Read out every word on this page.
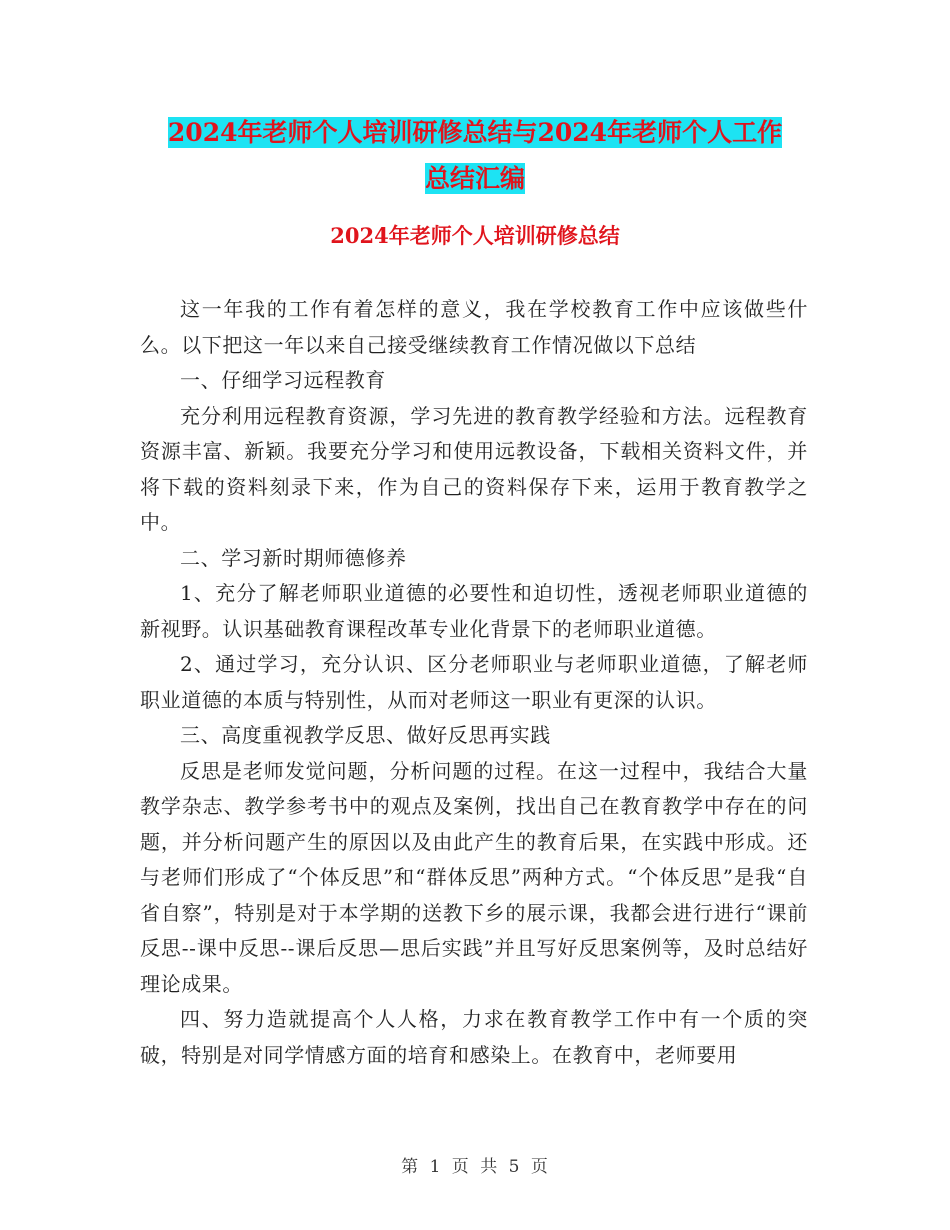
2024年老师个人培训研修总结与2024年老师个人工作
总结汇编
2024年老师个人培训研修总结

这一年我的工作有着怎样的意义，我在学校教育工作中应该做些什么。以下把这一年以来自己接受继续教育工作情况做以下总结

一、仔细学习远程教育

充分利用远程教育资源，学习先进的教育教学经验和方法。远程教育资源丰富、新颖。我要充分学习和使用远教设备，下载相关资料文件，并将下载的资料刻录下来，作为自己的资料保存下来，运用于教育教学之中。

二、学习新时期师德修养

1、充分了解老师职业道德的必要性和迫切性，透视老师职业道德的新视野。认识基础教育课程改革专业化背景下的老师职业道德。

2、通过学习，充分认识、区分老师职业与老师职业道德，了解老师职业道德的本质与特别性，从而对老师这一职业有更深的认识。

三、高度重视教学反思、做好反思再实践

反思是老师发觉问题，分析问题的过程。在这一过程中，我结合大量教学杂志、教学参考书中的观点及案例，找出自己在教育教学中存在的问题，并分析问题产生的原因以及由此产生的教育后果，在实践中形成。还与老师们形成了“个体反思”和“群体反思”两种方式。“个体反思”是我“自省自察”，特别是对于本学期的送教下乡的展示课，我都会进行进行“课前反思--课中反思--课后反思—思后实践”并且写好反思案例等，及时总结好理论成果。

四、努力造就提高个人人格，力求在教育教学工作中有一个质的突破，特别是对同学情感方面的培育和感染上。在教育中，老师要用

第 1 页 共 5 页
